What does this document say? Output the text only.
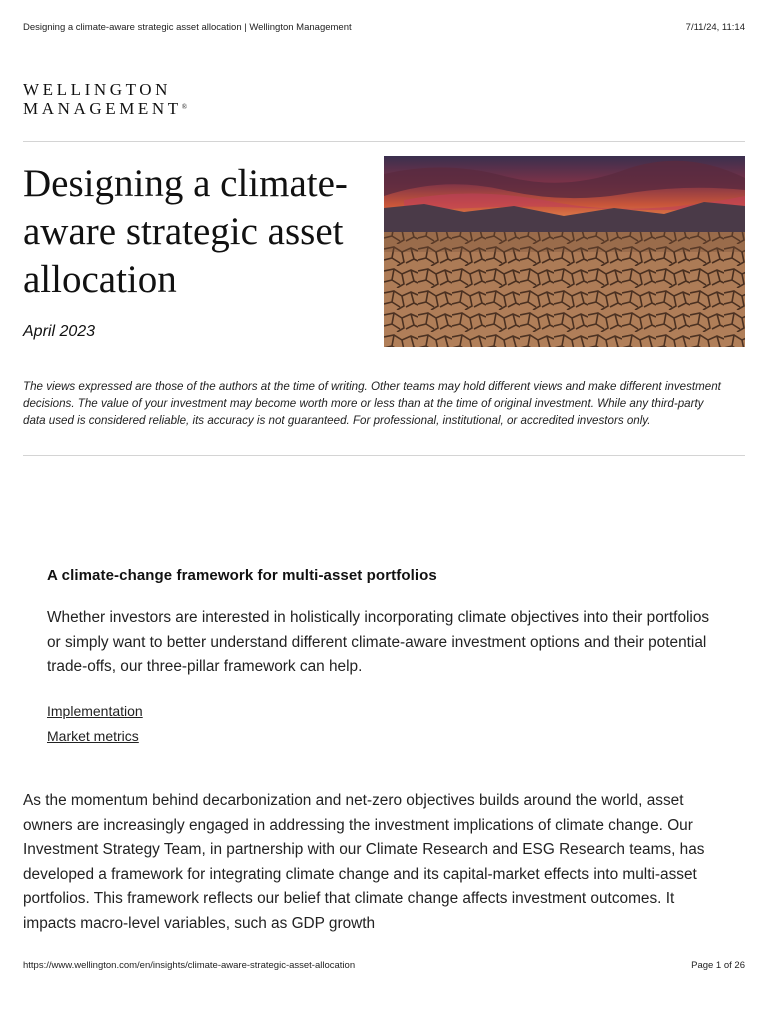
Designing a climate-aware strategic asset allocation | Wellington Management	7/11/24, 11:14
WELLINGTON
MANAGEMENT®
Designing a climate-aware strategic asset allocation
April 2023

The views expressed are those of the authors at the time of writing. Other teams may hold different views and make different investment decisions. The value of your investment may become worth more or less than at the time of original investment. While any third-party data used is considered reliable, its accuracy is not guaranteed. For professional, institutional, or accredited investors only.

A climate-change framework for multi-asset portfolios

Whether investors are interested in holistically incorporating climate objectives into their portfolios or simply want to better understand different climate-aware investment options and their potential trade-offs, our three-pillar framework can help.

Implementation
Market metrics

As the momentum behind decarbonization and net-zero objectives builds around the world, asset owners are increasingly engaged in addressing the investment implications of climate change. Our Investment Strategy Team, in partnership with our Climate Research and ESG Research teams, has developed a framework for integrating climate change and its capital-market effects into multi-asset portfolios. This framework reflects our belief that climate change affects investment outcomes. It impacts macro-level variables, such as GDP growth

https://www.wellington.com/en/insights/climate-aware-strategic-asset-allocation	Page 1 of 26
